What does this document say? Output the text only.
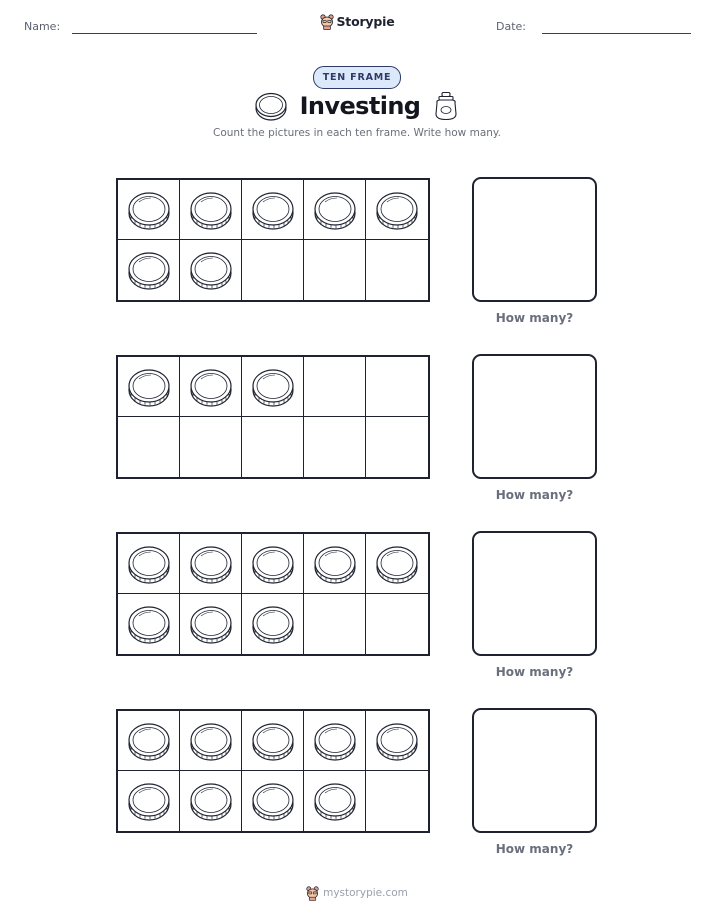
Name:	Date:
Storypie
TEN FRAME
Investing
Count the pictures in each ten frame. Write how many.
How many?
How many?
How many?
How many?
mystorypie.com
